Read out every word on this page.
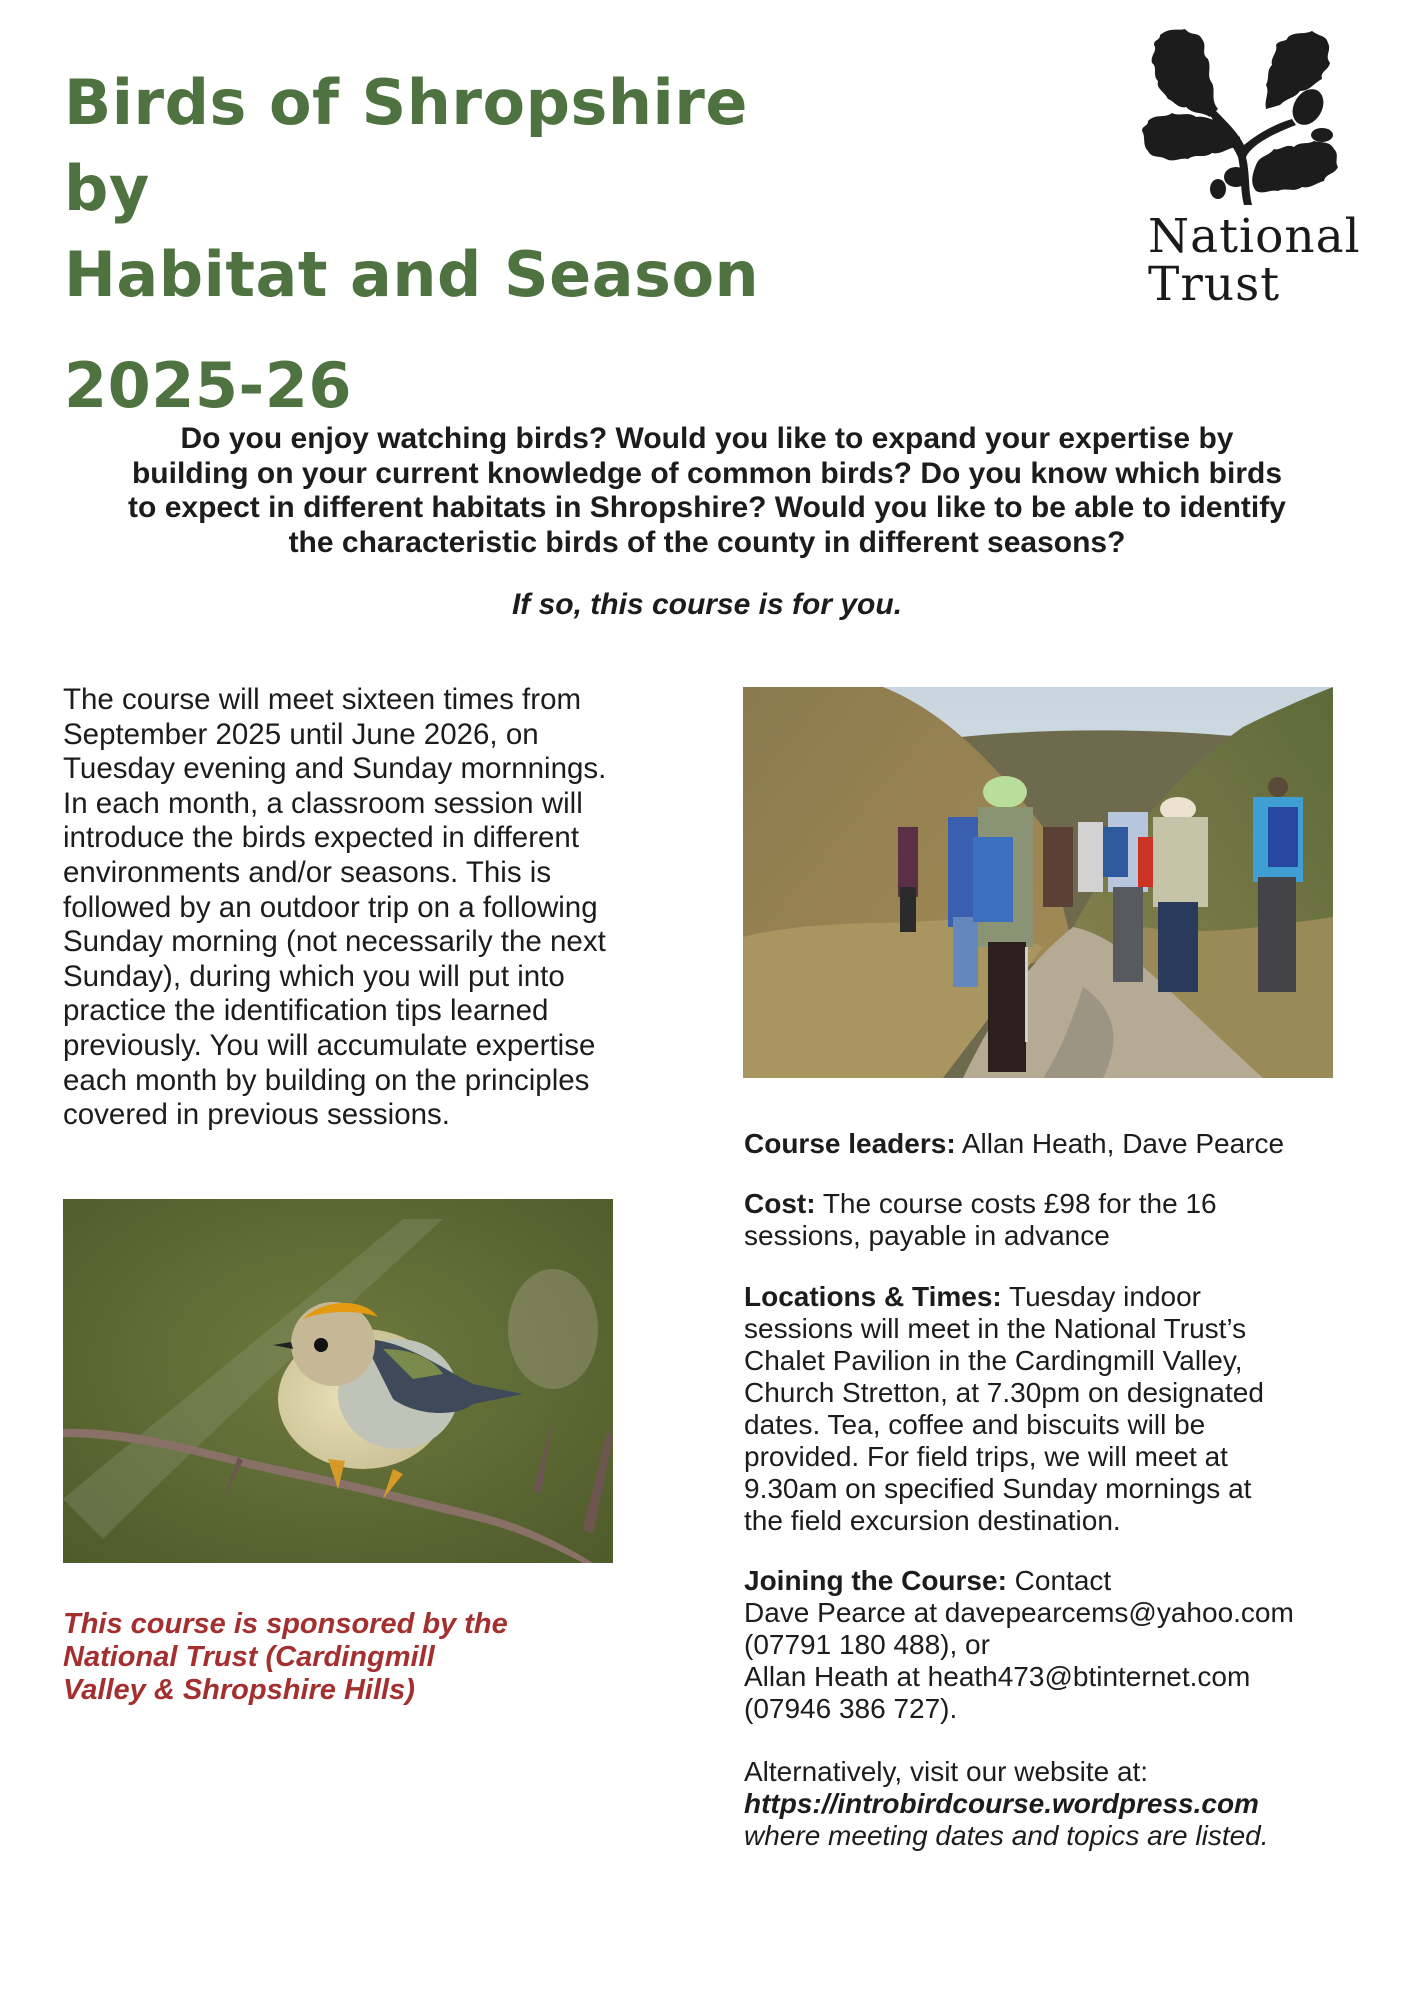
Birds of Shropshire by
Habitat and Season
2025-26
National
Trust

Do you enjoy watching birds? Would you like to expand your expertise by
building on your current knowledge of common birds? Do you know which birds
to expect in different habitats in Shropshire? Would you like to be able to identify
the characteristic birds of the county in different seasons?

If so, this course is for you.

The course will meet sixteen times from
September 2025 until June 2026, on
Tuesday evening and Sunday mornnings.
In each month, a classroom session will
introduce the birds expected in different
environments and/or seasons. This is
followed by an outdoor trip on a following
Sunday morning (not necessarily the next
Sunday), during which you will put into
practice the identification tips learned
previously. You will accumulate expertise
each month by building on the principles
covered in previous sessions.

Course leaders: Allan Heath, Dave Pearce

Cost: The course costs £98 for the 16
sessions, payable in advance

Locations & Times: Tuesday indoor
sessions will meet in the National Trust’s
Chalet Pavilion in the Cardingmill Valley,
Church Stretton, at 7.30pm on designated
dates. Tea, coffee and biscuits will be
provided. For field trips, we will meet at
9.30am on specified Sunday mornings at
the field excursion destination.

Joining the Course: Contact
Dave Pearce at davepearcems@yahoo.com
(07791 180 488), or
Allan Heath at heath473@btinternet.com
(07946 386 727).

Alternatively, visit our website at:
https://introbirdcourse.wordpress.com
where meeting dates and topics are listed.

This course is sponsored by the
National Trust (Cardingmill
Valley & Shropshire Hills)
